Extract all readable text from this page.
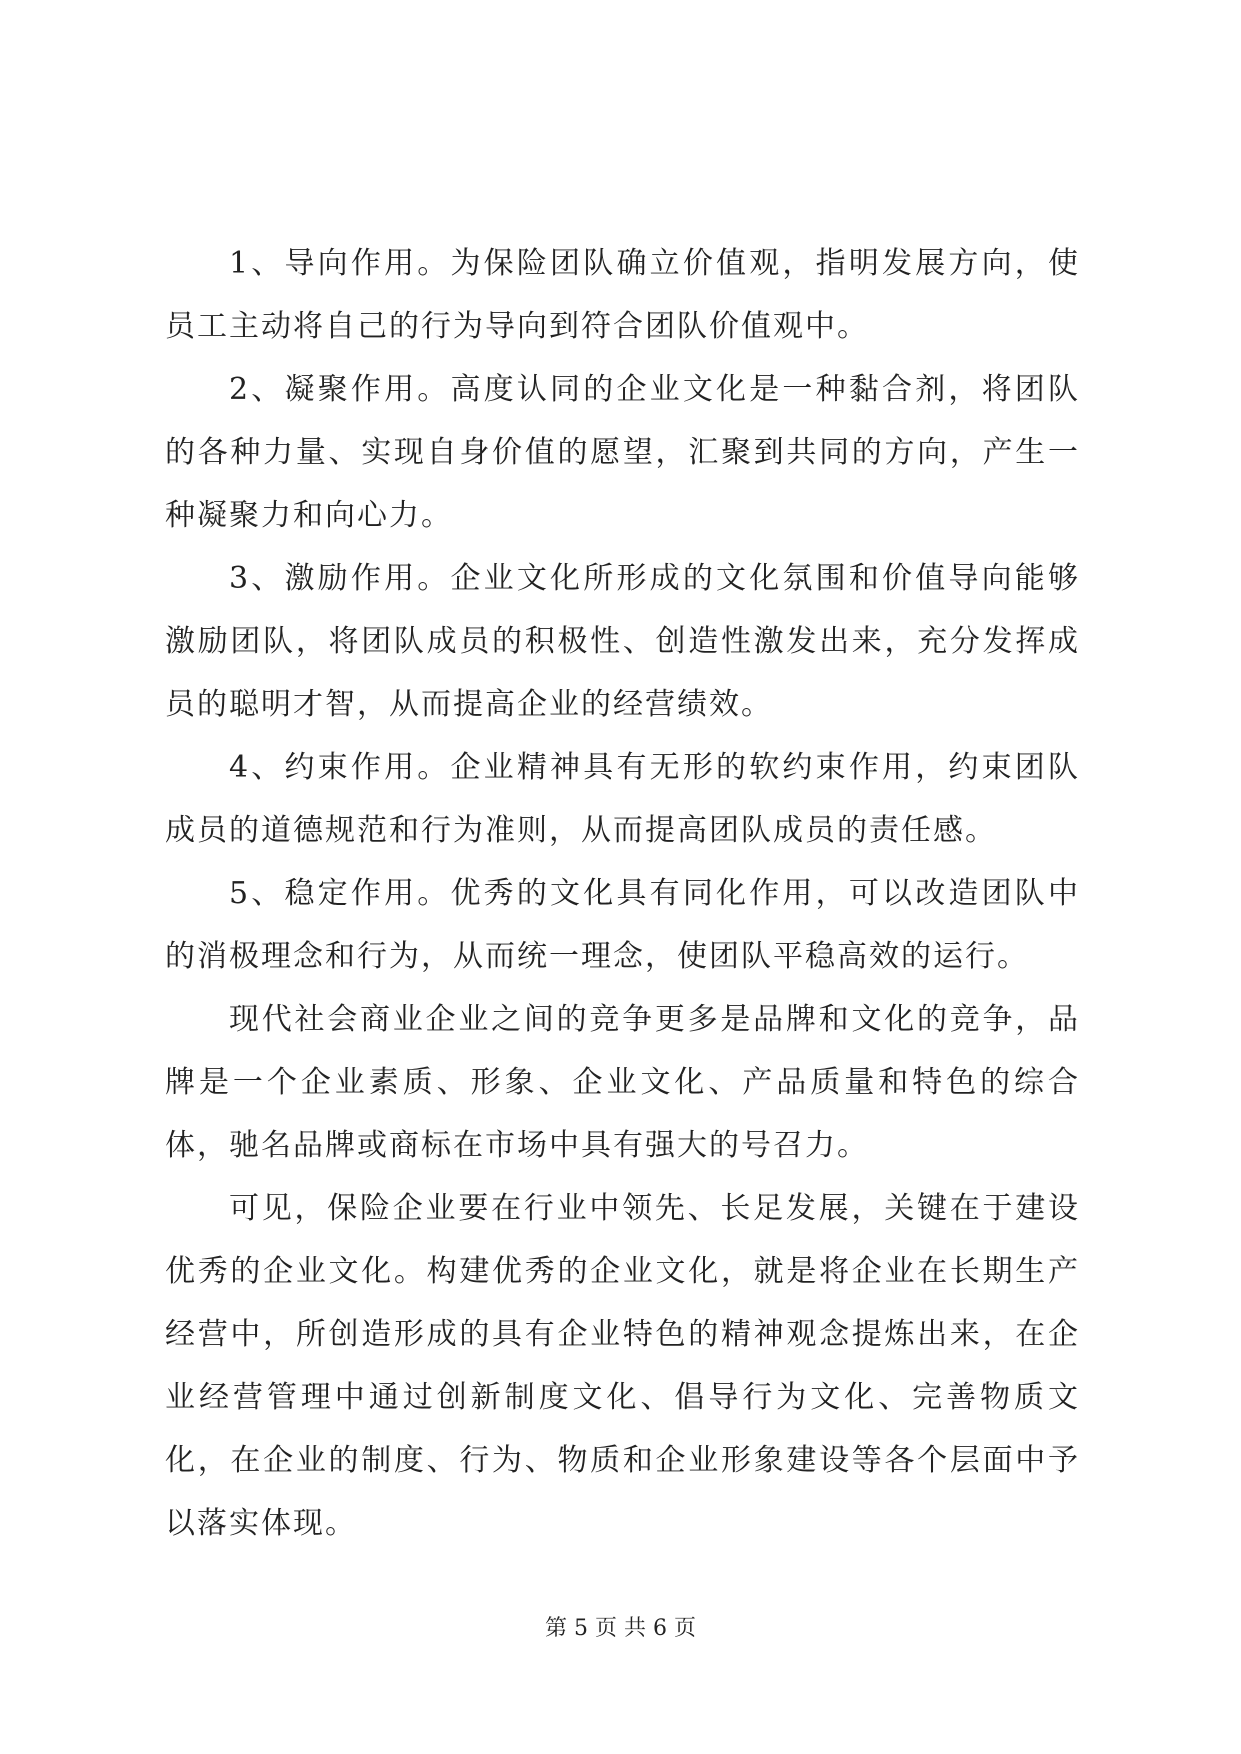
1、导向作用。为保险团队确立价值观，指明发展方向，使员工主动将自己的行为导向到符合团队价值观中。

2、凝聚作用。高度认同的企业文化是一种黏合剂，将团队的各种力量、实现自身价值的愿望，汇聚到共同的方向，产生一种凝聚力和向心力。

3、激励作用。企业文化所形成的文化氛围和价值导向能够激励团队，将团队成员的积极性、创造性激发出来，充分发挥成员的聪明才智，从而提高企业的经营绩效。

4、约束作用。企业精神具有无形的软约束作用，约束团队成员的道德规范和行为准则，从而提高团队成员的责任感。

5、稳定作用。优秀的文化具有同化作用，可以改造团队中的消极理念和行为，从而统一理念，使团队平稳高效的运行。

现代社会商业企业之间的竞争更多是品牌和文化的竞争，品牌是一个企业素质、形象、企业文化、产品质量和特色的综合体，驰名品牌或商标在市场中具有强大的号召力。

可见，保险企业要在行业中领先、长足发展，关键在于建设优秀的企业文化。构建优秀的企业文化，就是将企业在长期生产经营中，所创造形成的具有企业特色的精神观念提炼出来，在企业经营管理中通过创新制度文化、倡导行为文化、完善物质文化，在企业的制度、行为、物质和企业形象建设等各个层面中予以落实体现。

第 5 页 共 6 页
